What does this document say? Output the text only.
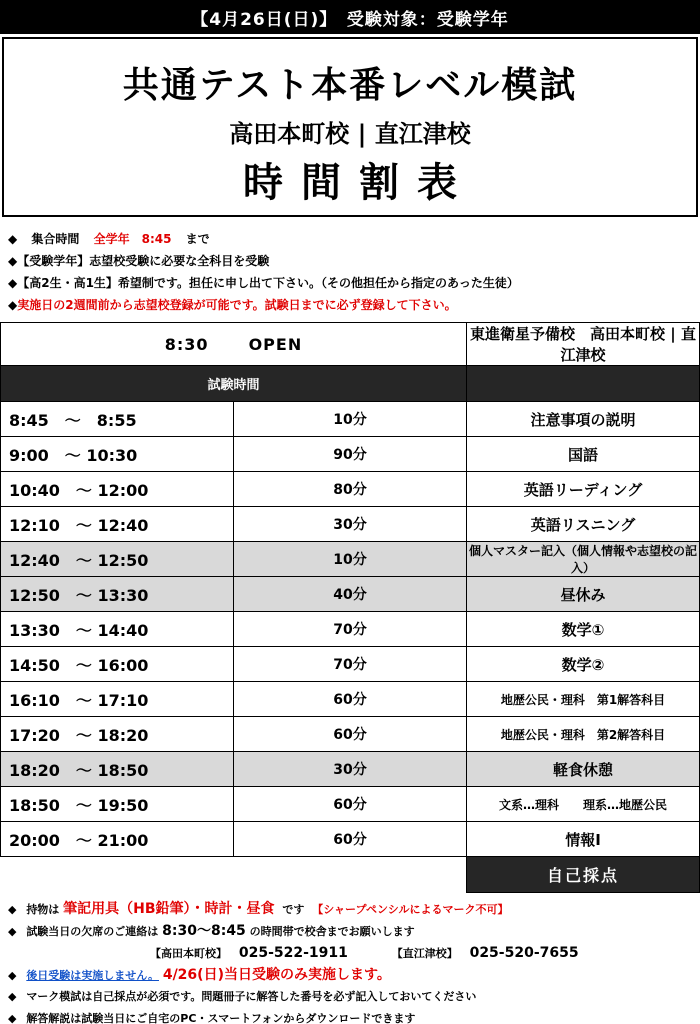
【4月26日(日)】　受験対象：受験学年
共通テスト本番レベル模試
高田本町校 | 直江津校
時間割表
◆ 集合時間 全学年　8:45 まで
◆【受験学年】志望校受験に必要な全科目を受験
◆【高2生・高1生】希望制です。担任に申し出て下さい。（その他担任から指定のあった生徒）
◆実施日の2週間前から志望校登録が可能です。試験日までに必ず登録して下さい。
8:30 OPEN		東進衛星予備校　高田本町校 | 直江津校
試験時間		
8:45　～　8:55	10分	注意事項の説明
9:00　～ 10:30	90分	国語
10:40　～ 12:00	80分	英語リーディング
12:10　～ 12:40	30分	英語リスニング
12:40　～ 12:50	10分	個人マスター記入（個人情報や志望校の記入）
12:50　～ 13:30	40分	昼休み
13:30　～ 14:40	70分	数学①
14:50　～ 16:00	70分	数学②
16:10　～ 17:10	60分	地歴公民・理科　第1解答科目
17:20　～ 18:20	60分	地歴公民・理科　第2解答科目
18:20　～ 18:50	30分	軽食休憩
18:50　～ 19:50	60分	文系…理科　　理系…地歴公民
20:00　～ 21:00	60分	情報Ⅰ
		自己採点
◆ 持物は 筆記用具（HB鉛筆）・時計・昼食 です 【シャープペンシルによるマーク不可】
◆ 試験当日の欠席のご連絡は 8:30～8:45 の時間帯で校舎までお願いします
【高田本町校】 025-522-1911	【直江津校】 025-520-7655
◆ 後日受験は実施しません。 4/26(日)当日受験のみ実施します。
◆ マーク模試は自己採点が必須です。問題冊子に解答した番号を必ず記入しておいてください
◆ 解答解説は試験当日にご自宅のPC・スマートフォンからダウンロードできます
